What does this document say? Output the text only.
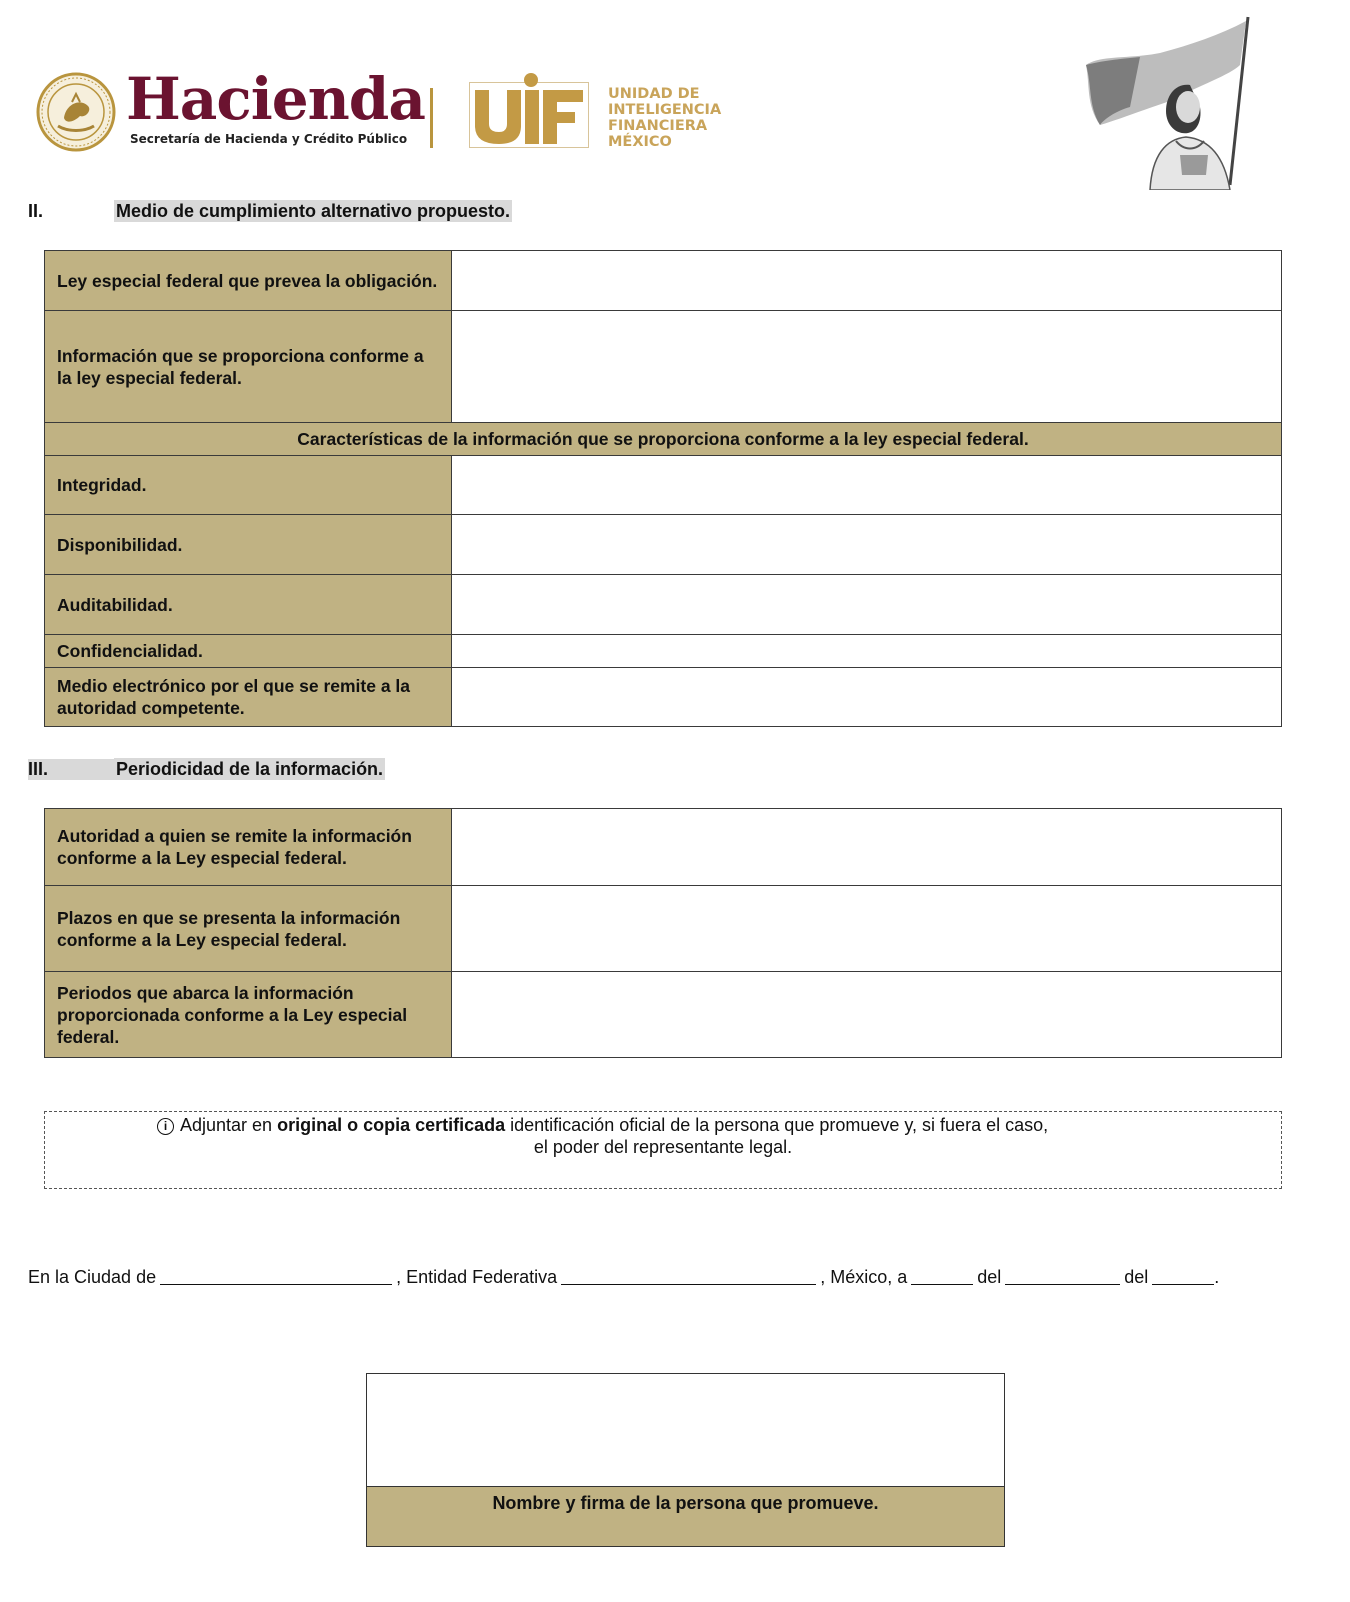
Hacienda
Secretaría de Hacienda y Crédito Público
UNIDAD DE
INTELIGENCIA
FINANCIERA
MÉXICO
II.	Medio de cumplimiento alternativo propuesto.
Ley especial federal que prevea la obligación.	
Información que se proporciona conforme a la ley especial federal.	
Características de la información que se proporciona conforme a la ley especial federal.	
Integridad.	
Disponibilidad.	
Auditabilidad.	
Confidencialidad.	
Medio electrónico por el que se remite a la autoridad competente.	
III.	Periodicidad de la información.
Autoridad a quien se remite la información conforme a la Ley especial federal.	
Plazos en que se presenta la información conforme a la Ley especial federal.	
Periodos que abarca la información proporcionada conforme a la Ley especial federal.	
i Adjuntar en original o copia certificada identificación oficial de la persona que promueve y, si fuera el caso,
el poder del representante legal.
En la Ciudad de	, Entidad Federativa	, México, a	del	del	.
Nombre y firma de la persona que promueve.
